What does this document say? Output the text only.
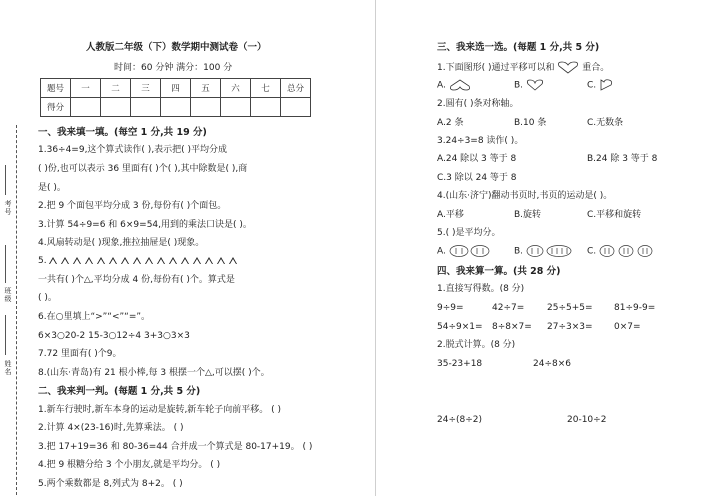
考号
班级
姓名
人教版二年级（下）数学期中测试卷（一）
时间：60 分钟 满分：100 分
题号	一	二	三	四	五	六	七	总分
得分								
一、我来填一填。(每空 1 分,共 19 分)
1.36÷4=9,这个算式读作( ),表示把( )平均分成
( )份,也可以表示 36 里面有( )个( ),其中除数是( ),商
是( )。
2.把 9 个面包平均分成 3 份,每份有( )个面包。
3.计算 54÷9=6 和 6×9=54,用到的乘法口诀是( )。
4.风扇转动是( )现象,推拉抽屉是( )现象。
5.
一共有( )个△,平均分成 4 份,每份有( )个。算式是
( )。
6.在○里填上“>”“<”“=”。
6×3○20-2 15-3○12÷4 3+3○3×3
7.72 里面有( )个9。
8.(山东·青岛)有 21 根小棒,每 3 根摆一个△,可以摆( )个。
二、我来判一判。(每题 1 分,共 5 分)
1.新车行驶时,新车本身的运动是旋转,新车轮子向前平移。 ( )
2.计算 4×(23-16)时,先算乘法。 ( )
3.把 17+19=36 和 80-36=44 合并成一个算式是 80-17+19。 ( )
4.把 9 根糖分给 3 个小朋友,就是平均分。 ( )
5.两个乘数都是 8,列式为 8+2。 ( )
三、我来选一选。(每题 1 分,共 5 分)
1.下面图形( )通过平移可以和	重合。
A.	B.	C.
2.圆有( )条对称轴。
A.2 条	B.10 条	C.无数条
3.24÷3=8 读作( )。
A.24 除以 3 等于 8	B.24 除 3 等于 8
C.3 除以 24 等于 8
4.(山东·济宁)翻动书页时,书页的运动是( )。
A.平移	B.旋转	C.平移和旋转
5.( )是平均分。
A.	B.	C.
四、我来算一算。(共 28 分)
1.直接写得数。(8 分)
9÷9=	42÷7=	25÷5+5= 81÷9-9=
54÷9×1= 8÷8×7= 27÷3×3= 0×7=
2.脱式计算。(8 分)
35-23+18	24÷8×6
24÷(8÷2)	20-10÷2
